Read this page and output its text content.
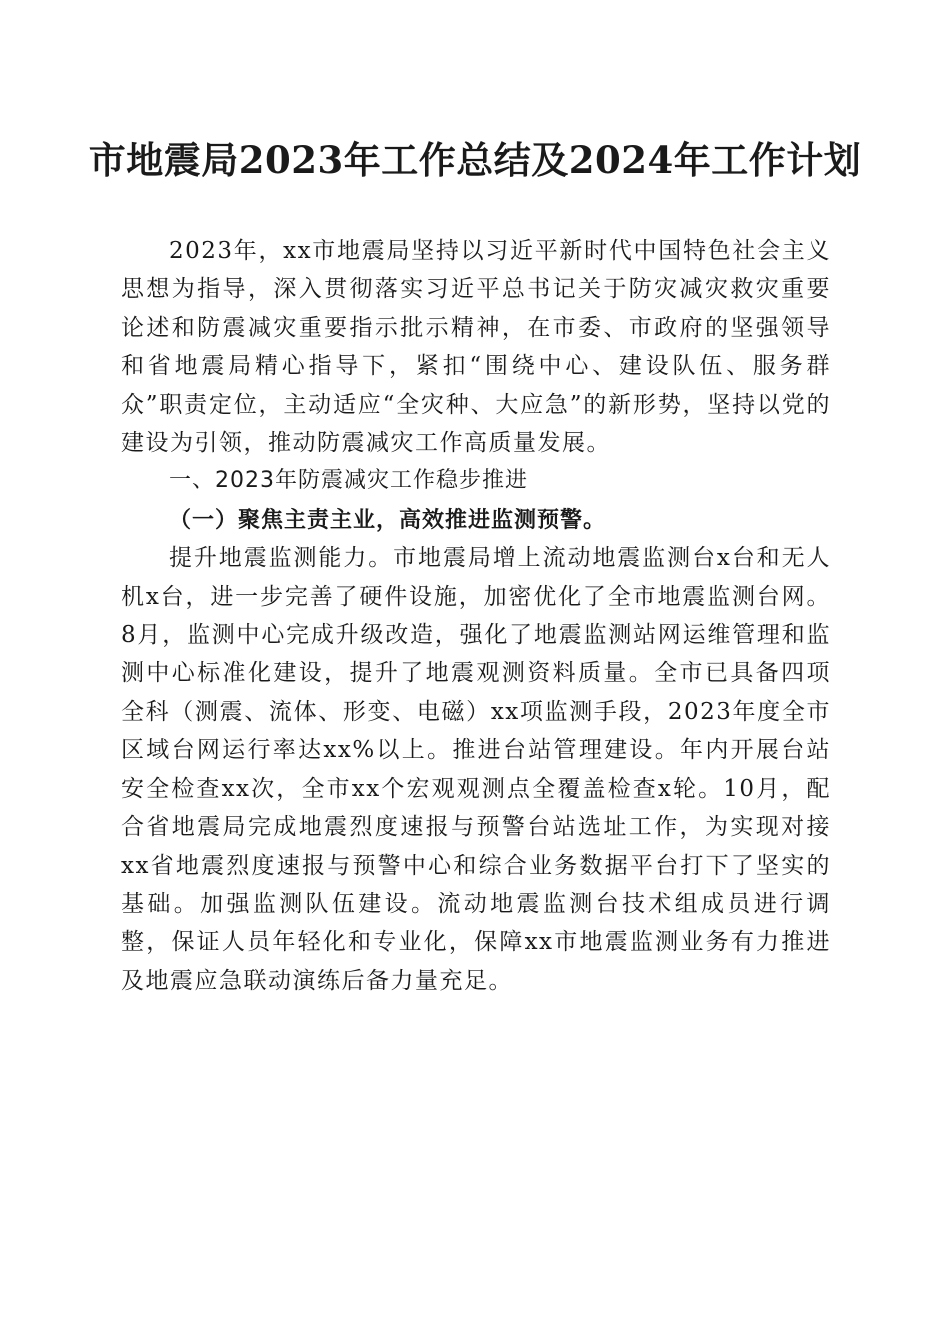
市地震局2023年工作总结及2024年工作计划

2023年，xx市地震局坚持以习近平新时代中国特色社会主义思想为指导，深入贯彻落实习近平总书记关于防灾减灾救灾重要论述和防震减灾重要指示批示精神，在市委、市政府的坚强领导和省地震局精心指导下，紧扣“围绕中心、建设队伍、服务群众”职责定位，主动适应“全灾种、大应急”的新形势，坚持以党的建设为引领，推动防震减灾工作高质量发展。

一、2023年防震减灾工作稳步推进

（一）聚焦主责主业，高效推进监测预警。

提升地震监测能力。市地震局增上流动地震监测台x台和无人机x台，进一步完善了硬件设施，加密优化了全市地震监测台网。8月，监测中心完成升级改造，强化了地震监测站网运维管理和监测中心标准化建设，提升了地震观测资料质量。全市已具备四项全科（测震、流体、形变、电磁）xx项监测手段，2023年度全市区域台网运行率达xx%以上。推进台站管理建设。年内开展台站安全检查xx次，全市xx个宏观观测点全覆盖检查x轮。10月，配合省地震局完成地震烈度速报与预警台站选址工作，为实现对接xx省地震烈度速报与预警中心和综合业务数据平台打下了坚实的基础。加强监测队伍建设。流动地震监测台技术组成员进行调整，保证人员年轻化和专业化，保障xx市地震监测业务有力推进及地震应急联动演练后备力量充足。
